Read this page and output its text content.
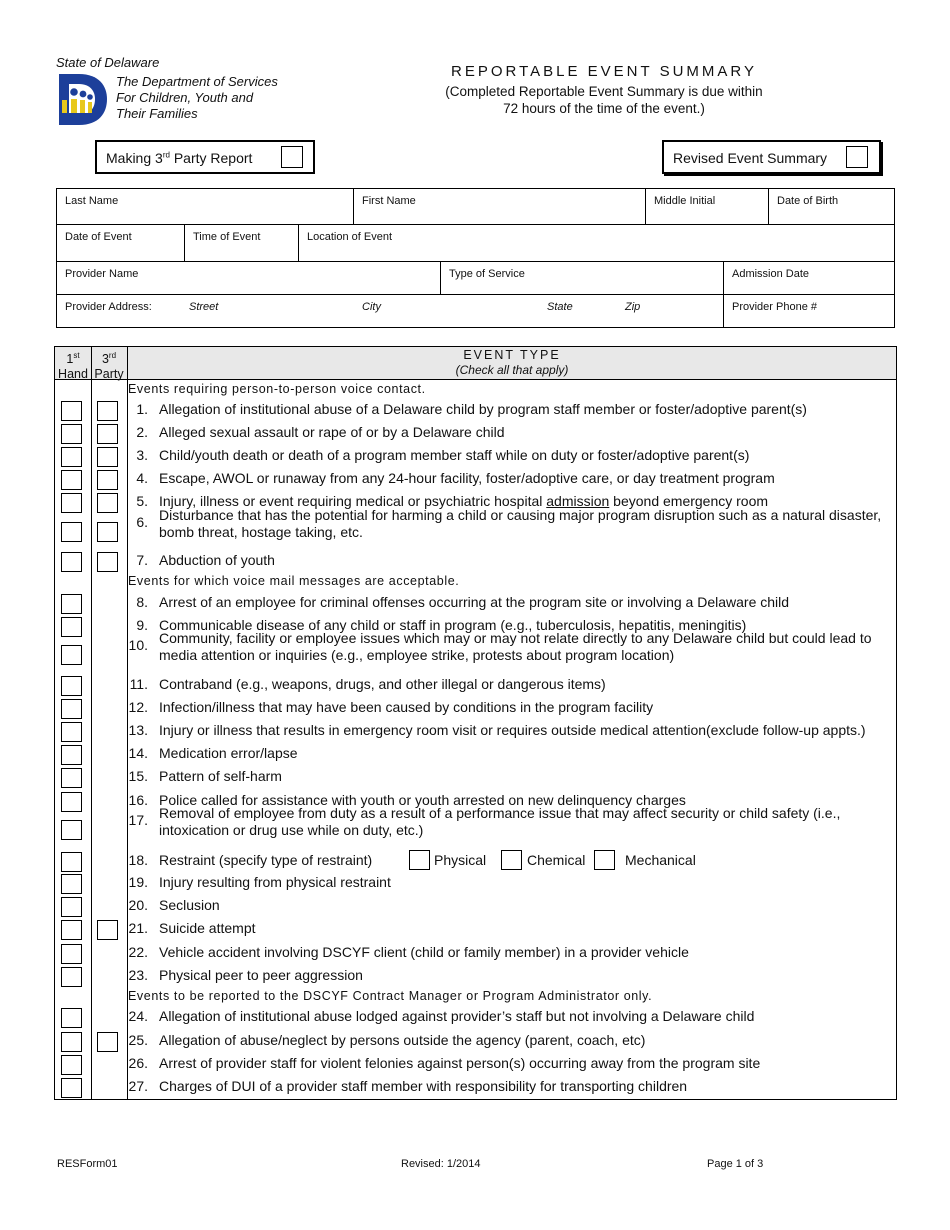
State of Delaware
The Department of Services
For Children, Youth and
Their Families
REPORTABLE EVENT SUMMARY
(Completed Reportable Event Summary is due within
72 hours of the time of the event.)
Making 3rd Party Report	Revised Event Summary
Last Name	First Name	Middle Initial	Date of Birth
Date of Event	Time of Event	Location of Event
Provider Name	Type of Service	Admission Date
Provider Address:	Street	City	State	Zip	Provider Phone #
1st
Hand
3rd
Party
EVENT TYPE
(Check all that apply)
Events requiring person-to-person voice contact.
Events for which voice mail messages are acceptable.
Events to be reported to the DSCYF Contract Manager or Program Administrator only.
1. Allegation of institutional abuse of a Delaware child by program staff member or foster/adoptive parent(s)
2. Alleged sexual assault or rape of or by a Delaware child
3. Child/youth death or death of a program member staff while on duty or foster/adoptive parent(s)
4. Escape, AWOL or runaway from any 24-hour facility, foster/adoptive care, or day treatment program
5. Injury, illness or event requiring medical or psychiatric hospital admission beyond emergency room
6. Disturbance that has the potential for harming a child or causing major program disruption such as a natural disaster,
bomb threat, hostage taking, etc.
7. Abduction of youth
8. Arrest of an employee for criminal offenses occurring at the program site or involving a Delaware child
9. Communicable disease of any child or staff in program (e.g., tuberculosis, hepatitis, meningitis)
10. Community, facility or employee issues which may or may not relate directly to any Delaware child but could lead to
media attention or inquiries (e.g., employee strike, protests about program location)
11. Contraband (e.g., weapons, drugs, and other illegal or dangerous items)
12. Infection/illness that may have been caused by conditions in the program facility
13. Injury or illness that results in emergency room visit or requires outside medical attention(exclude follow-up appts.)
14. Medication error/lapse
15. Pattern of self-harm
16. Police called for assistance with youth or youth arrested on new delinquency charges
17. Removal of employee from duty as a result of a performance issue that may affect security or child safety (i.e.,
intoxication or drug use while on duty, etc.)
18. Restraint (specify type of restraint)	Physical	Chemical	Mechanical
19. Injury resulting from physical restraint
20. Seclusion
21. Suicide attempt
22. Vehicle accident involving DSCYF client (child or family member) in a provider vehicle
23. Physical peer to peer aggression
24. Allegation of institutional abuse lodged against provider’s staff but not involving a Delaware child
25. Allegation of abuse/neglect by persons outside the agency (parent, coach, etc)
26. Arrest of provider staff for violent felonies against person(s) occurring away from the program site
27. Charges of DUI of a provider staff member with responsibility for transporting children
RESForm01	Revised: 1/2014	Page 1 of 3
